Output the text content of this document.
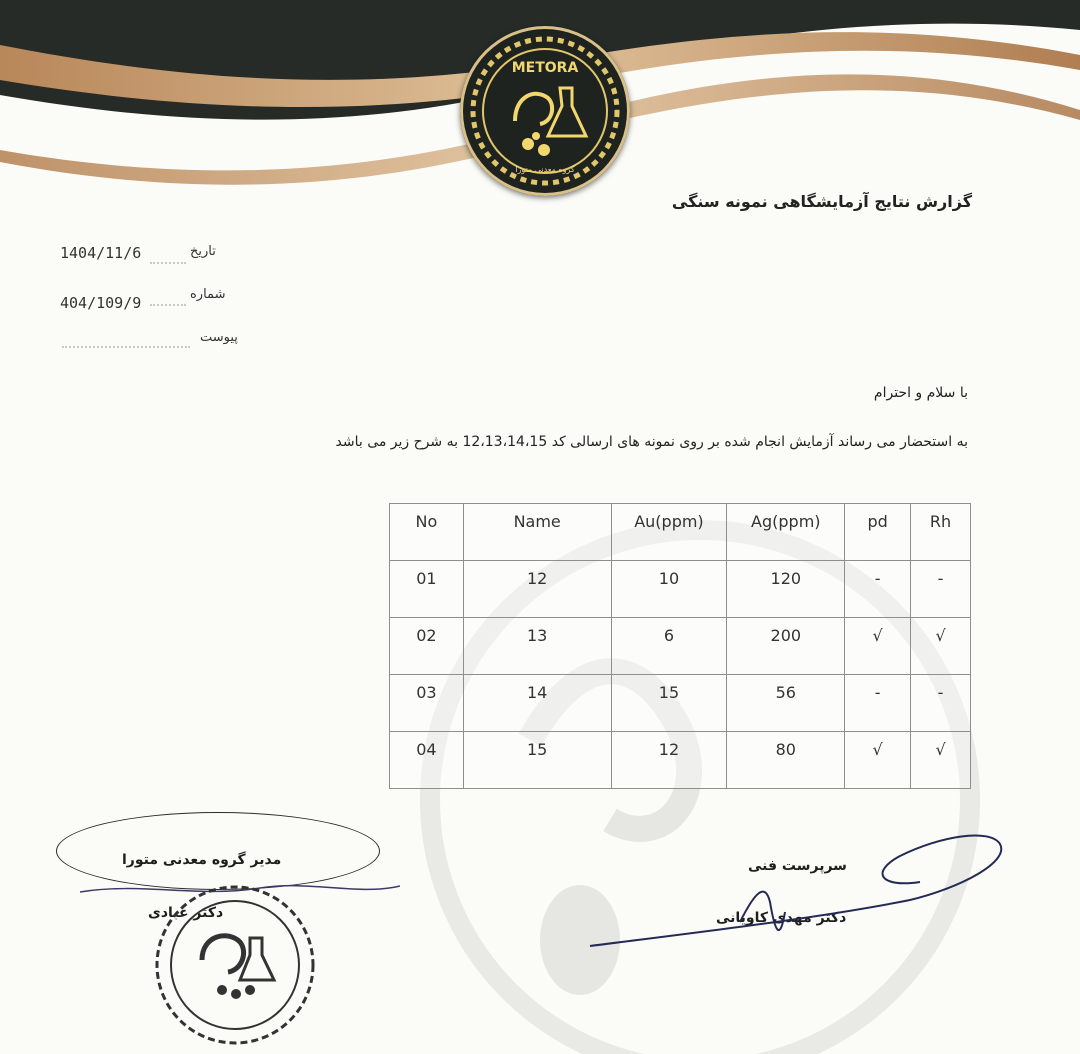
METORA
گروه معدنی متورا
گزارش نتایج آزمایشگاهی نمونه سنگی
تاریخ
1404/11/6
شماره
404/109/9
پیوست
با سلام و احترام
به استحضار می رساند آزمایش انجام شده بر روی نمونه های ارسالی کد 12،13،14،15 به شرح زیر می باشد
No	Name	Au(ppm)	Ag(ppm)	pd	Rh
01	12	10	120	-	-
02	13	6	200	√	√
03	14	15	56	-	-
04	15	12	80	√	√
مدیر گروه معدنی متورا
دکتر عبادی
سرپرست فنی
دکتر مهدی کاویانی
